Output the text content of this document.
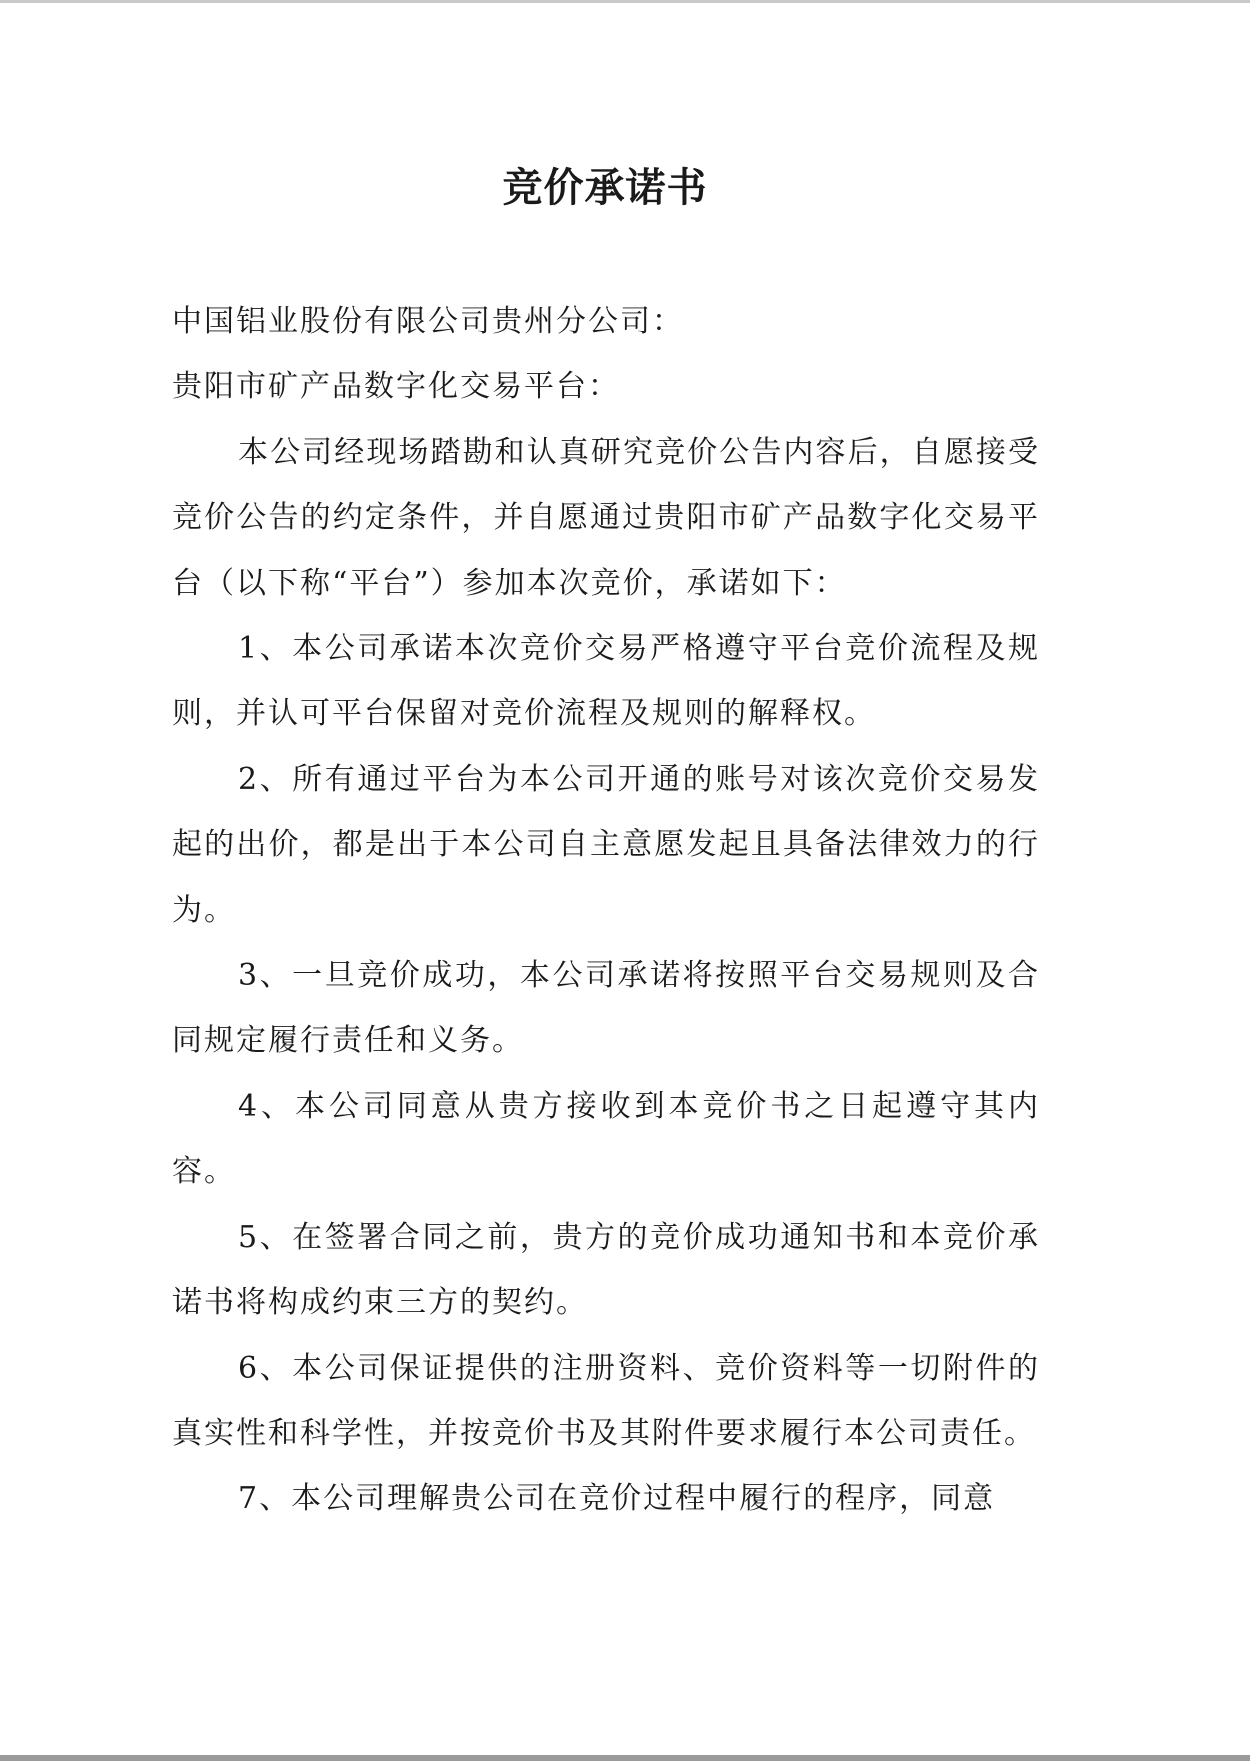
竞价承诺书

中国铝业股份有限公司贵州分公司：

贵阳市矿产品数字化交易平台：

本公司经现场踏勘和认真研究竞价公告内容后，自愿接受竞价公告的约定条件，并自愿通过贵阳市矿产品数字化交易平台（以下称“平台”）参加本次竞价，承诺如下：

1、本公司承诺本次竞价交易严格遵守平台竞价流程及规则，并认可平台保留对竞价流程及规则的解释权。

2、所有通过平台为本公司开通的账号对该次竞价交易发起的出价，都是出于本公司自主意愿发起且具备法律效力的行为。

3、一旦竞价成功，本公司承诺将按照平台交易规则及合同规定履行责任和义务。

4、本公司同意从贵方接收到本竞价书之日起遵守其内容。

5、在签署合同之前，贵方的竞价成功通知书和本竞价承诺书将构成约束三方的契约。

6、本公司保证提供的注册资料、竞价资料等一切附件的真实性和科学性，并按竞价书及其附件要求履行本公司责任。

7、本公司理解贵公司在竞价过程中履行的程序，同意
